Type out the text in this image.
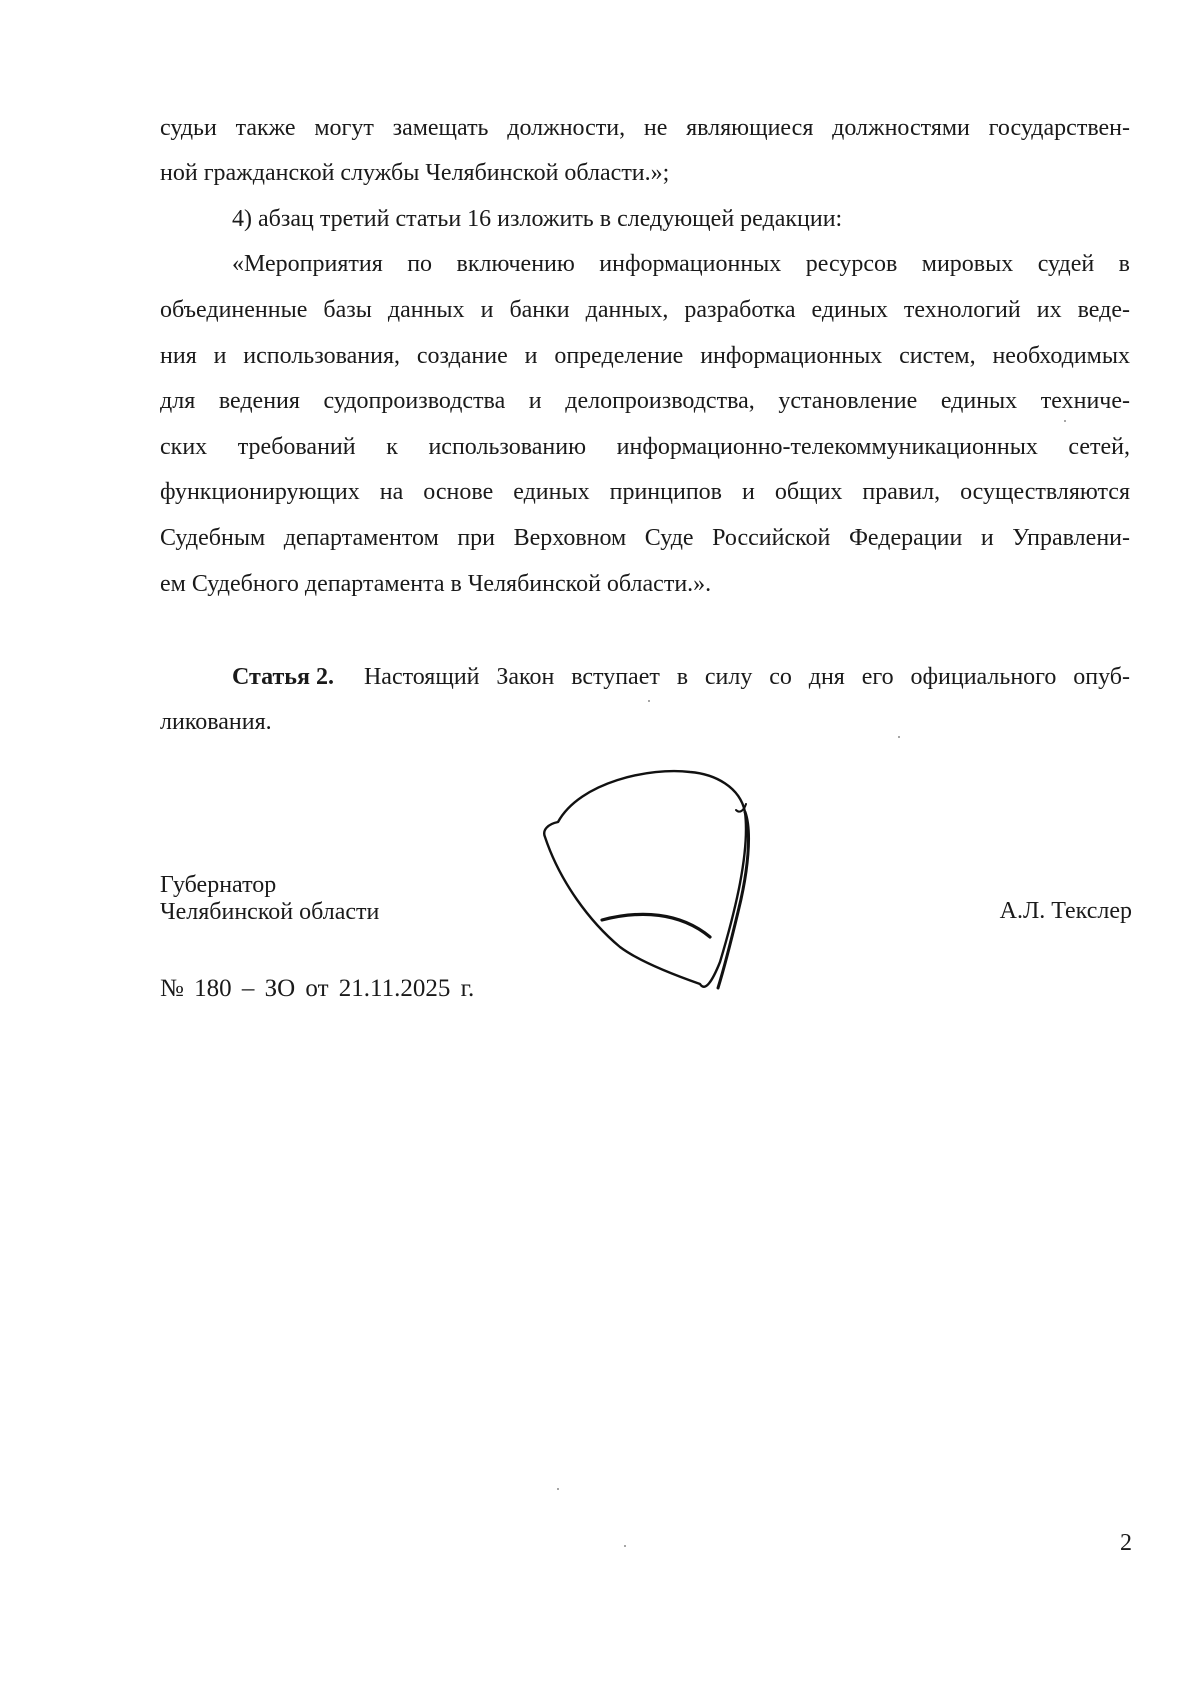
судьи также могут замещать должности, не являющиеся должностями государствен-
ной гражданской службы Челябинской области.»;
4) абзац третий статьи 16 изложить в следующей редакции:
«Мероприятия по включению информационных ресурсов мировых судей в
объединенные базы данных и банки данных, разработка единых технологий их веде-
ния и использования, создание и определение информационных систем, необходимых
для ведения судопроизводства и делопроизводства, установление единых техниче-
ских требований к использованию информационно-телекоммуникационных сетей,
функционирующих на основе единых принципов и общих правил, осуществляются
Судебным департаментом при Верховном Суде Российской Федерации и Управлени-
ем Судебного департамента в Челябинской области.».
Статья 2. Настоящий Закон вступает в силу со дня его официального опуб-
ликования.
Губернатор
Челябинской области	А.Л. Текслер
№ 180 – ЗО от 21.11.2025 г.
2
